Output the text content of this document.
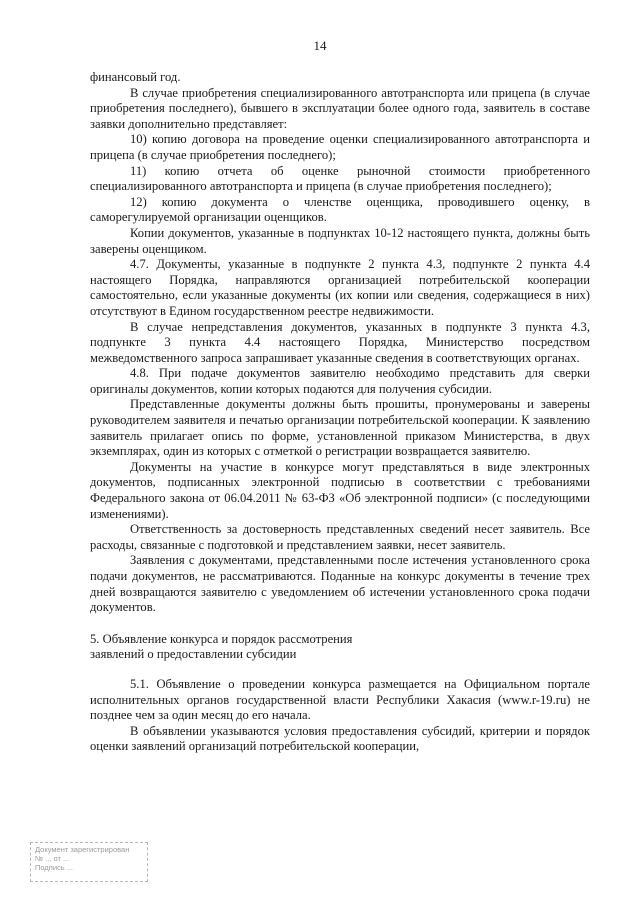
14

финансовый год.

В случае приобретения специализированного автотранспорта или прицепа (в случае приобретения последнего), бывшего в эксплуатации более одного года, заявитель в составе заявки дополнительно представляет:

10) копию договора на проведение оценки специализированного автотранспорта и прицепа (в случае приобретения последнего);

11) копию отчета об оценке рыночной стоимости приобретенного специализированного автотранспорта и прицепа (в случае приобретения последнего);

12) копию документа о членстве оценщика, проводившего оценку, в саморегулируемой организации оценщиков.

Копии документов, указанные в подпунктах 10-12 настоящего пункта, должны быть заверены оценщиком.

4.7. Документы, указанные в подпункте 2 пункта 4.3, подпункте 2 пункта 4.4 настоящего Порядка, направляются организацией потребительской кооперации самостоятельно, если указанные документы (их копии или сведения, содержащиеся в них) отсутствуют в Едином государственном реестре недвижимости.

В случае непредставления документов, указанных в подпункте 3 пункта 4.3, подпункте 3 пункта 4.4 настоящего Порядка, Министерство посредством межведомственного запроса запрашивает указанные сведения в соответствующих органах.

4.8. При подаче документов заявителю необходимо представить для сверки оригиналы документов, копии которых подаются для получения субсидии.

Представленные документы должны быть прошиты, пронумерованы и заверены руководителем заявителя и печатью организации потребительской кооперации. К заявлению заявитель прилагает опись по форме, установленной приказом Министерства, в двух экземплярах, один из которых с отметкой о регистрации возвращается заявителю.

Документы на участие в конкурсе могут представляться в виде электронных документов, подписанных электронной подписью в соответствии с требованиями Федерального закона от 06.04.2011 № 63-ФЗ «Об электронной подписи» (с последующими изменениями).

Ответственность за достоверность представленных сведений несет заявитель. Все расходы, связанные с подготовкой и представлением заявки, несет заявитель.

Заявления с документами, представленными после истечения установленного срока подачи документов, не рассматриваются. Поданные на конкурс документы в течение трех дней возвращаются заявителю с уведомлением об истечении установленного срока подачи документов.

5. Объявление конкурса и порядок рассмотрения
заявлений о предоставлении субсидии

5.1. Объявление о проведении конкурса размещается на Официальном портале исполнительных органов государственной власти Республики Хакасия (www.r-19.ru) не позднее чем за один месяц до его начала.

В объявлении указываются условия предоставления субсидий, критерии и порядок оценки заявлений организаций потребительской кооперации,

Документ зарегистрирован
№ ... от ...
Подпись ...
